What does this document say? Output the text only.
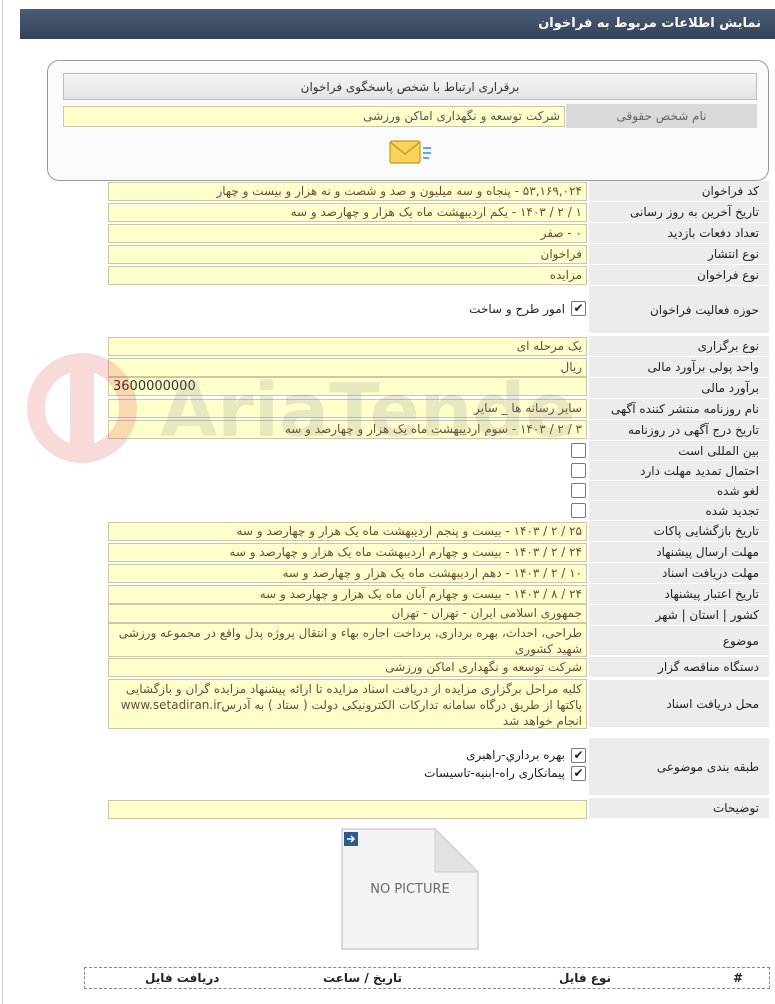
نمایش اطلاعات مربوط به فراخوان
برقراری ارتباط با شخص پاسخگوی فراخوان
نام شخص حقوقی
شرکت توسعه و نگهداری اماکن ورزشی
کد فراخوان
۵۳,۱۶۹,۰۲۴ - پنجاه و سه میلیون و صد و شصت و نه هزار و بیست و چهار
تاریخ آخرین به روز رسانی
۱ / ۲ / ۱۴۰۳ - یکم اردیبهشت ماه یک هزار و چهارصد و سه
تعداد دفعات بازدید
۰ - صفر
نوع انتشار
فراخوان
نوع فراخوان
مزایده
حوزه فعالیت فراخوان
✔
امور طرح و ساخت
نوع برگزاری
یک مرحله ای
واحد پولی برآورد مالی
ریال
برآورد مالی
3600000000
نام روزنامه منتشر کننده آگهی
سایر رسانه ها _ سایر
تاریخ درج آگهی در روزنامه
۳ / ۲ / ۱۴۰۳ - سوم اردیبهشت ماه یک هزار و چهارصد و سه
بین المللی است
احتمال تمدید مهلت دارد
لغو شده
تجدید شده
تاریخ بازگشایی پاکات
۲۵ / ۲ / ۱۴۰۳ - بیست و پنجم اردیبهشت ماه یک هزار و چهارصد و سه
مهلت ارسال پیشنهاد
۲۴ / ۲ / ۱۴۰۳ - بیست و چهارم اردیبهشت ماه یک هزار و چهارصد و سه
مهلت دریافت اسناد
۱۰ / ۲ / ۱۴۰۳ - دهم اردیبهشت ماه یک هزار و چهارصد و سه
تاریخ اعتبار پیشنهاد
۲۴ / ۸ / ۱۴۰۳ - بیست و چهارم آبان ماه یک هزار و چهارصد و سه
کشور | استان | شهر
جمهوری اسلامی ایران - تهران - تهران
موضوع
طراحی، احداث، بهره برداری، پرداخت اجاره بهاء و انتقال پروژه پدل واقع در مجموعه ورزشی شهید کشوری
دستگاه مناقصه گزار
شرکت توسعه و نگهداری اماکن ورزشی
محل دریافت اسناد
کلیه مراحل برگزاری مزایده از دریافت اسناد مزایده تا ارائه پیشنهاد مزایده گران و بازگشایی پاکتها از طریق درگاه سامانه تدارکات الکترونیکی دولت ( ستاد ) به آدرسwww.setadiran.ir انجام خواهد شد
طبقه بندی موضوعی
✔
بهره برداري-راهبری
✔
پیمانکاری راه-ابنیه-تاسیسات
توضیحات
NO PICTURE
#
نوع فایل
تاریخ / ساعت
دریافت فایل
